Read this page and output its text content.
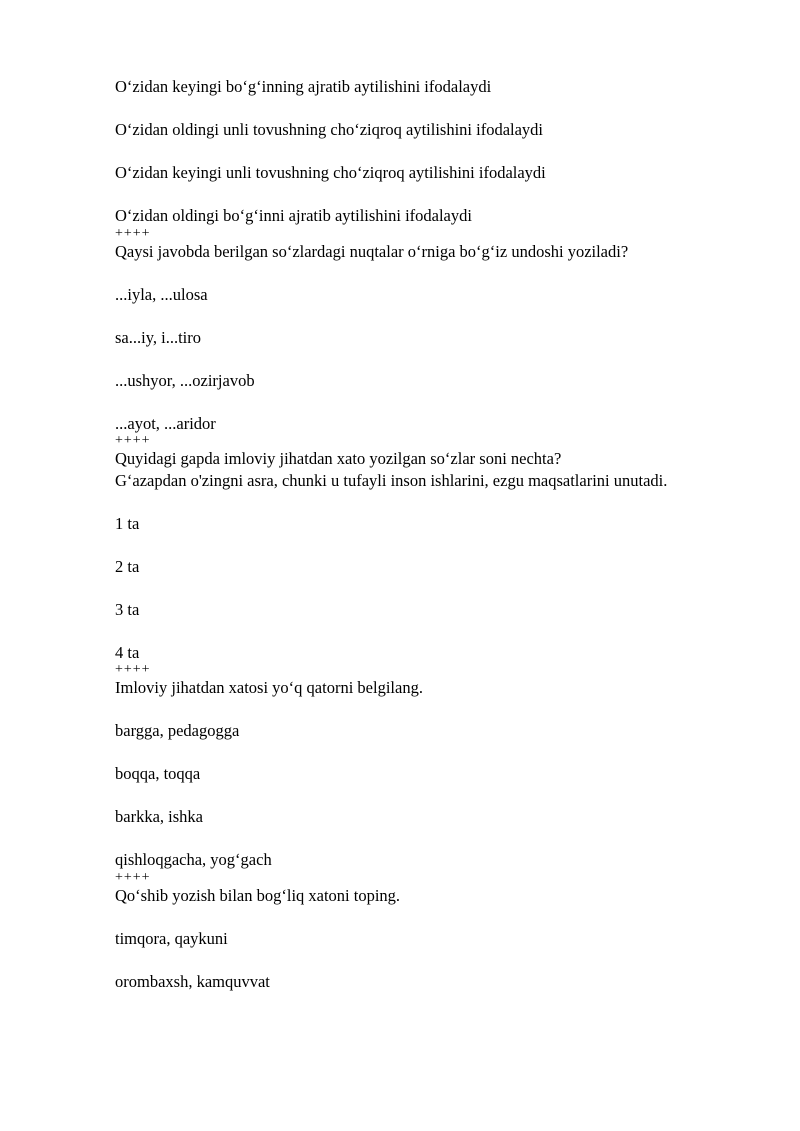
O‘zidan keyingi bo‘g‘inning ajratib aytilishini ifodalaydi

O‘zidan oldingi unli tovushning cho‘ziqroq aytilishini ifodalaydi

O‘zidan keyingi unli tovushning cho‘ziqroq aytilishini ifodalaydi

O‘zidan oldingi bo‘g‘inni ajratib aytilishini ifodalaydi

++++

Qaysi javobda berilgan so‘zlardagi nuqtalar o‘rniga bo‘g‘iz undoshi yoziladi?

...iyla, ...ulosa

sa...iy, i...tiro

...ushyor, ...ozirjavob

...ayot, ...aridor

++++

Quyidagi gapda imloviy jihatdan xato yozilgan so‘zlar soni nechta?

G‘azapdan o'zingni asra, chunki u tufayli inson ishlarini, ezgu maqsatlarini unutadi.

1 ta

2 ta

3 ta

4 ta

++++

Imloviy jihatdan xatosi yo‘q qatorni belgilang.

bargga, pedagogga

boqqa, toqqa

barkka, ishka

qishloqgacha, yog‘gach

++++

Qo‘shib yozish bilan bog‘liq xatoni toping.

timqora, qaykuni

orombaxsh, kamquvvat
